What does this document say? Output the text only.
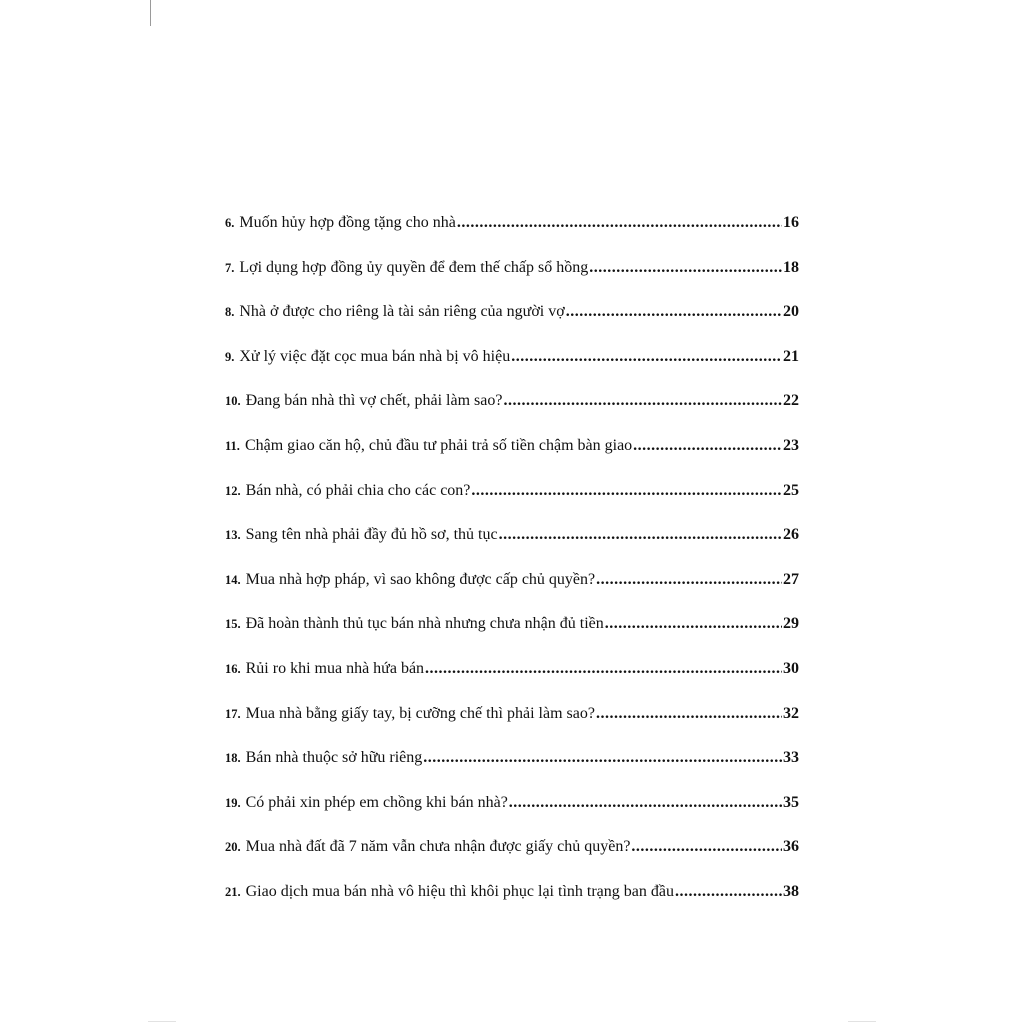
6. Muốn hủy hợp đồng tặng cho nhà .....	16
7. Lợi dụng hợp đồng ủy quyền để đem thế chấp sổ hồng .....	18
8. Nhà ở được cho riêng là tài sản riêng của người vợ .....	20
9. Xử lý việc đặt cọc mua bán nhà bị vô hiệu .....	21
10. Đang bán nhà thì vợ chết, phải làm sao? .....	22
11. Chậm giao căn hộ, chủ đầu tư phải trả số tiền chậm bàn giao .....	23
12. Bán nhà, có phải chia cho các con? .....	25
13. Sang tên nhà phải đầy đủ hồ sơ, thủ tục .....	26
14. Mua nhà hợp pháp, vì sao không được cấp chủ quyền? .....	27
15. Đã hoàn thành thủ tục bán nhà nhưng chưa nhận đủ tiền .....	29
16. Rủi ro khi mua nhà hứa bán .....	30
17. Mua nhà bằng giấy tay, bị cưỡng chế thì phải làm sao? .....	32
18. Bán nhà thuộc sở hữu riêng .....	33
19. Có phải xin phép em chồng khi bán nhà? .....	35
20. Mua nhà đất đã 7 năm vẫn chưa nhận được giấy chủ quyền? .....	36
21. Giao dịch mua bán nhà vô hiệu thì khôi phục lại tình trạng ban đầu .....	38
